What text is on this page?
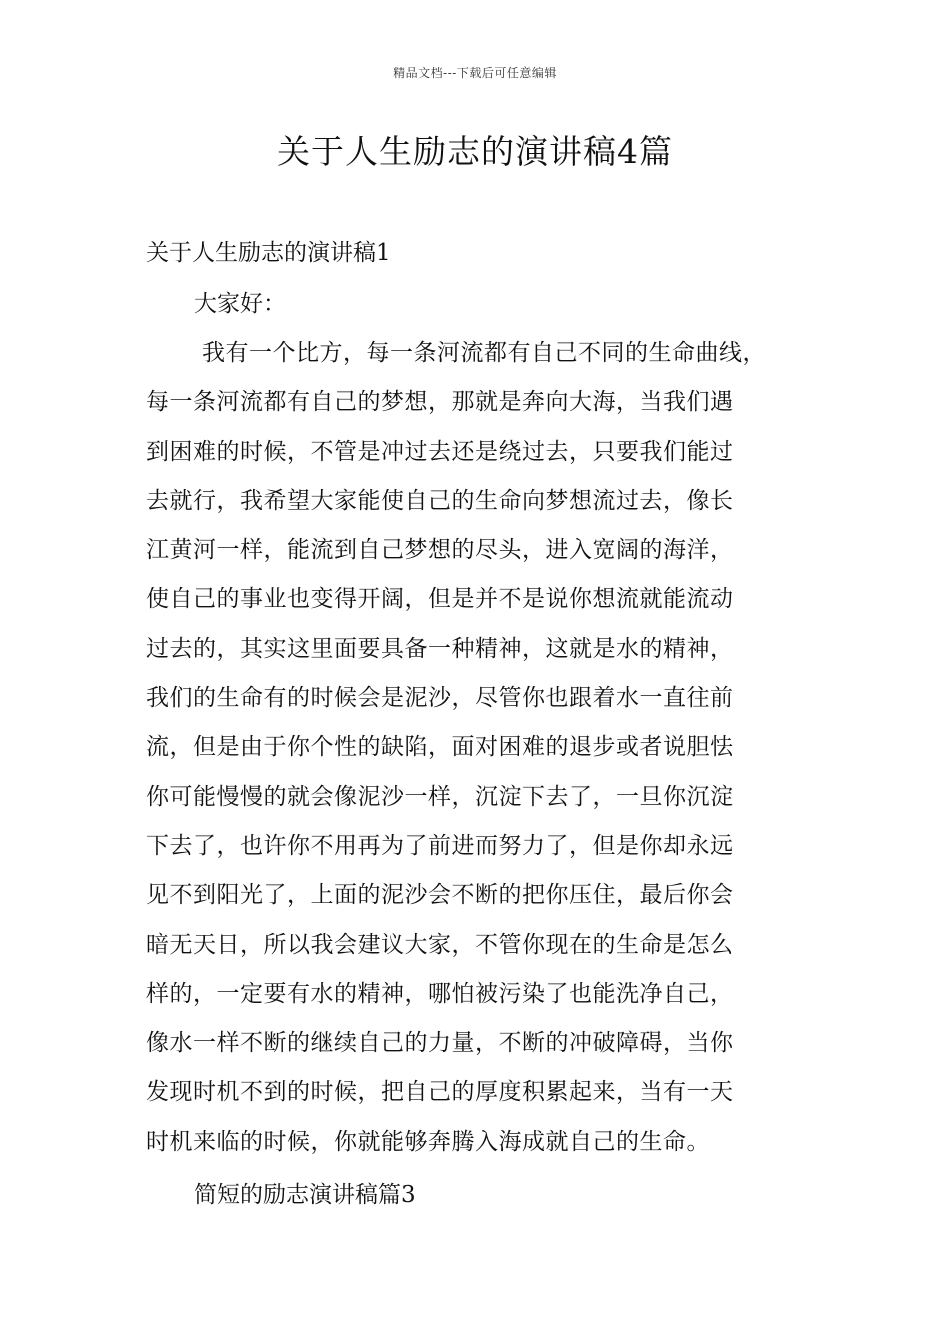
精品文档---下载后可任意编辑
关于人生励志的演讲稿4篇

关于人生励志的演讲稿1

大家好：

我有一个比方，每一条河流都有自己不同的生命曲线，
每一条河流都有自己的梦想，那就是奔向大海，当我们遇
到困难的时候，不管是冲过去还是绕过去，只要我们能过
去就行，我希望大家能使自己的生命向梦想流过去，像长
江黄河一样，能流到自己梦想的尽头，进入宽阔的海洋，
使自己的事业也变得开阔，但是并不是说你想流就能流动
过去的，其实这里面要具备一种精神，这就是水的精神，
我们的生命有的时候会是泥沙，尽管你也跟着水一直往前
流，但是由于你个性的缺陷，面对困难的退步或者说胆怯
你可能慢慢的就会像泥沙一样，沉淀下去了，一旦你沉淀
下去了，也许你不用再为了前进而努力了，但是你却永远
见不到阳光了，上面的泥沙会不断的把你压住，最后你会
暗无天日，所以我会建议大家，不管你现在的生命是怎么
样的，一定要有水的精神，哪怕被污染了也能洗净自己，
像水一样不断的继续自己的力量，不断的冲破障碍，当你
发现时机不到的时候，把自己的厚度积累起来，当有一天
时机来临的时候，你就能够奔腾入海成就自己的生命。

简短的励志演讲稿篇3
